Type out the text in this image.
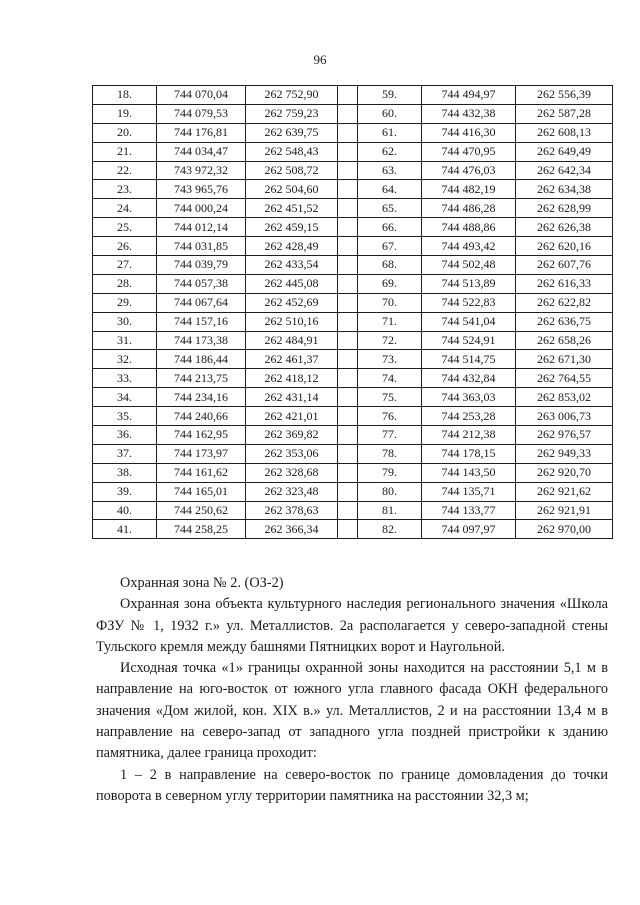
96
18.	744 070,04	262 752,90		59.	744 494,97	262 556,39
19.	744 079,53	262 759,23		60.	744 432,38	262 587,28
20.	744 176,81	262 639,75		61.	744 416,30	262 608,13
21.	744 034,47	262 548,43		62.	744 470,95	262 649,49
22.	743 972,32	262 508,72		63.	744 476,03	262 642,34
23.	743 965,76	262 504,60		64.	744 482,19	262 634,38
24.	744 000,24	262 451,52		65.	744 486,28	262 628,99
25.	744 012,14	262 459,15		66.	744 488,86	262 626,38
26.	744 031,85	262 428,49		67.	744 493,42	262 620,16
27.	744 039,79	262 433,54		68.	744 502,48	262 607,76
28.	744 057,38	262 445,08		69.	744 513,89	262 616,33
29.	744 067,64	262 452,69		70.	744 522,83	262 622,82
30.	744 157,16	262 510,16		71.	744 541,04	262 636,75
31.	744 173,38	262 484,91		72.	744 524,91	262 658,26
32.	744 186,44	262 461,37		73.	744 514,75	262 671,30
33.	744 213,75	262 418,12		74.	744 432,84	262 764,55
34.	744 234,16	262 431,14		75.	744 363,03	262 853,02
35.	744 240,66	262 421,01		76.	744 253,28	263 006,73
36.	744 162,95	262 369,82		77.	744 212,38	262 976,57
37.	744 173,97	262 353,06		78.	744 178,15	262 949,33
38.	744 161,62	262 328,68		79.	744 143,50	262 920,70
39.	744 165,01	262 323,48		80.	744 135,71	262 921,62
40.	744 250,62	262 378,63		81.	744 133,77	262 921,91
41.	744 258,25	262 366,34		82.	744 097,97	262 970,00

Охранная зона № 2. (ОЗ-2)

Охранная зона объекта культурного наследия регионального значения «Школа ФЗУ № 1, 1932 г.» ул. Металлистов. 2а располагается у северо-западной стены Тульского кремля между башнями Пятницких ворот и Наугольной.

Исходная точка «1» границы охранной зоны находится на расстоянии 5,1 м в направление на юго-восток от южного угла главного фасада ОКН федерального значения «Дом жилой, кон. XIX в.» ул. Металлистов, 2 и на расстоянии 13,4 м в направление на северо-запад от западного угла поздней пристройки к зданию памятника, далее граница проходит:

1 – 2 в направление на северо-восток по границе домовладения до точки поворота в северном углу территории памятника на расстоянии 32,3 м;
